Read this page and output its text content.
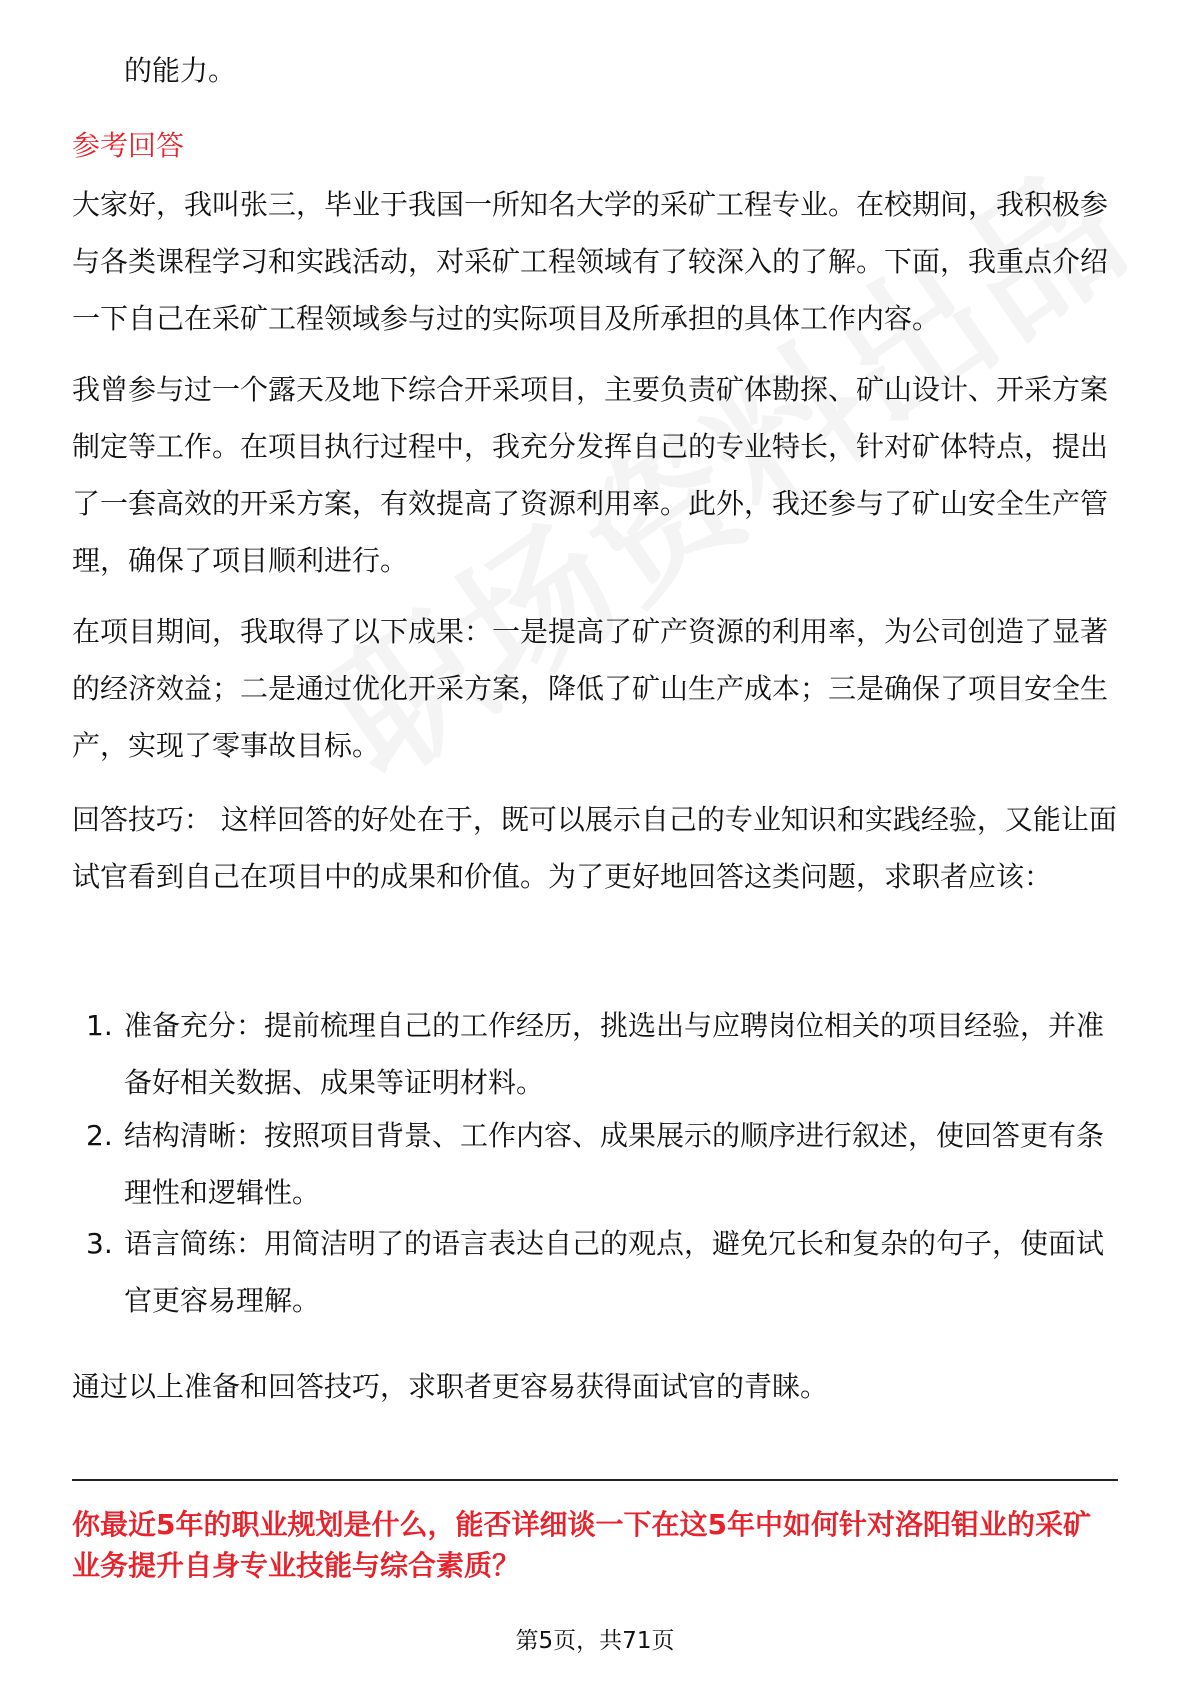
的能力。

参考回答

大家好，我叫张三，毕业于我国一所知名大学的采矿工程专业。在校期间，我积极参与各类课程学习和实践活动，对采矿工程领域有了较深入的了解。下面，我重点介绍一下自己在采矿工程领域参与过的实际项目及所承担的具体工作内容。

我曾参与过一个露天及地下综合开采项目，主要负责矿体勘探、矿山设计、开采方案制定等工作。在项目执行过程中，我充分发挥自己的专业特长，针对矿体特点，提出了一套高效的开采方案，有效提高了资源利用率。此外，我还参与了矿山安全生产管理，确保了项目顺利进行。

在项目期间，我取得了以下成果：一是提高了矿产资源的利用率，为公司创造了显著的经济效益；二是通过优化开采方案，降低了矿山生产成本；三是确保了项目安全生产，实现了零事故目标。

回答技巧： 这样回答的好处在于，既可以展示自己的专业知识和实践经验，又能让面试官看到自己在项目中的成果和价值。为了更好地回答这类问题，求职者应该：

1. 准备充分：提前梳理自己的工作经历，挑选出与应聘岗位相关的项目经验，并准备好相关数据、成果等证明材料。
2. 结构清晰：按照项目背景、工作内容、成果展示的顺序进行叙述，使回答更有条理性和逻辑性。
3. 语言简练：用简洁明了的语言表达自己的观点，避免冗长和复杂的句子，使面试官更容易理解。

通过以上准备和回答技巧，求职者更容易获得面试官的青睐。

你最近5年的职业规划是什么，能否详细谈一下在这5年中如何针对洛阳钼业的采矿业务提升自身专业技能与综合素质？

第5页，共71页
